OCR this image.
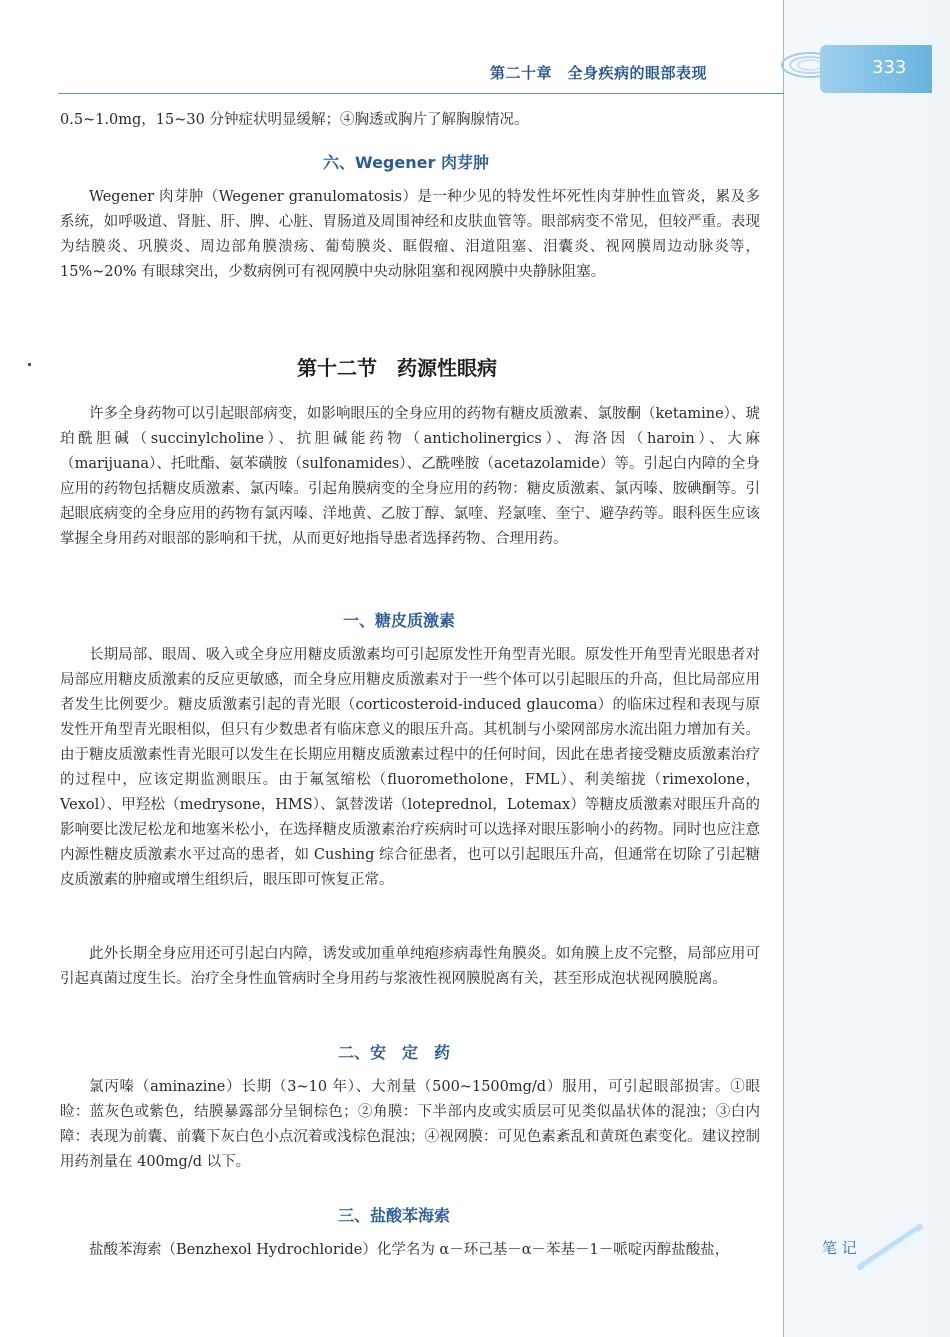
333
第二十章　全身疾病的眼部表现
0.5~1.0mg，15~30 分钟症状明显缓解；④胸透或胸片了解胸腺情况。
六、Wegener 肉芽肿
Wegener 肉芽肿（Wegener granulomatosis）是一种少见的特发性坏死性肉芽肿性血管炎，累及多系统，如呼吸道、肾脏、肝、脾、心脏、胃肠道及周围神经和皮肤血管等。眼部病变不常见，但较严重。表现为结膜炎、巩膜炎、周边部角膜溃疡、葡萄膜炎、眶假瘤、泪道阻塞、泪囊炎、视网膜周边动脉炎等，15%~20% 有眼球突出，少数病例可有视网膜中央动脉阻塞和视网膜中央静脉阻塞。
第十二节　药源性眼病
许多全身药物可以引起眼部病变，如影响眼压的全身应用的药物有糖皮质激素、氯胺酮（ketamine）、琥珀酰胆碱（succinylcholine）、抗胆碱能药物（anticholinergics）、海洛因（haroin）、大麻（marijuana）、托吡酯、氨苯磺胺（sulfonamides）、乙酰唑胺（acetazolamide）等。引起白内障的全身应用的药物包括糖皮质激素、氯丙嗪。引起角膜病变的全身应用的药物：糖皮质激素、氯丙嗪、胺碘酮等。引起眼底病变的全身应用的药物有氯丙嗪、洋地黄、乙胺丁醇、氯喹、羟氯喹、奎宁、避孕药等。眼科医生应该掌握全身用药对眼部的影响和干扰，从而更好地指导患者选择药物、合理用药。
一、糖皮质激素
长期局部、眼周、吸入或全身应用糖皮质激素均可引起原发性开角型青光眼。原发性开角型青光眼患者对局部应用糖皮质激素的反应更敏感，而全身应用糖皮质激素对于一些个体可以引起眼压的升高，但比局部应用者发生比例要少。糖皮质激素引起的青光眼（corticosteroid-induced glaucoma）的临床过程和表现与原发性开角型青光眼相似，但只有少数患者有临床意义的眼压升高。其机制与小梁网部房水流出阻力增加有关。由于糖皮质激素性青光眼可以发生在长期应用糖皮质激素过程中的任何时间，因此在患者接受糖皮质激素治疗的过程中，应该定期监测眼压。由于氟氢缩松（fluorometholone，FML）、利美缩拢（rimexolone，Vexol）、甲羟松（medrysone，HMS）、氯替泼诺（loteprednol，Lotemax）等糖皮质激素对眼压升高的影响要比泼尼松龙和地塞米松小，在选择糖皮质激素治疗疾病时可以选择对眼压影响小的药物。同时也应注意内源性糖皮质激素水平过高的患者，如 Cushing 综合征患者，也可以引起眼压升高，但通常在切除了引起糖皮质激素的肿瘤或增生组织后，眼压即可恢复正常。
此外长期全身应用还可引起白内障，诱发或加重单纯疱疹病毒性角膜炎。如角膜上皮不完整，局部应用可引起真菌过度生长。治疗全身性血管病时全身用药与浆液性视网膜脱离有关，甚至形成泡状视网膜脱离。
二、安　定　药
氯丙嗪（aminazine）长期（3~10 年）、大剂量（500~1500mg/d）服用，可引起眼部损害。①眼睑：蓝灰色或紫色，结膜暴露部分呈铜棕色；②角膜：下半部内皮或实质层可见类似晶状体的混浊；③白内障：表现为前囊、前囊下灰白色小点沉着或浅棕色混浊；④视网膜：可见色素紊乱和黄斑色素变化。建议控制用药剂量在 400mg/d 以下。
三、盐酸苯海索
盐酸苯海索（Benzhexol Hydrochloride）化学名为 α－环己基－α－苯基－1－哌啶丙醇盐酸盐，	笔 记
